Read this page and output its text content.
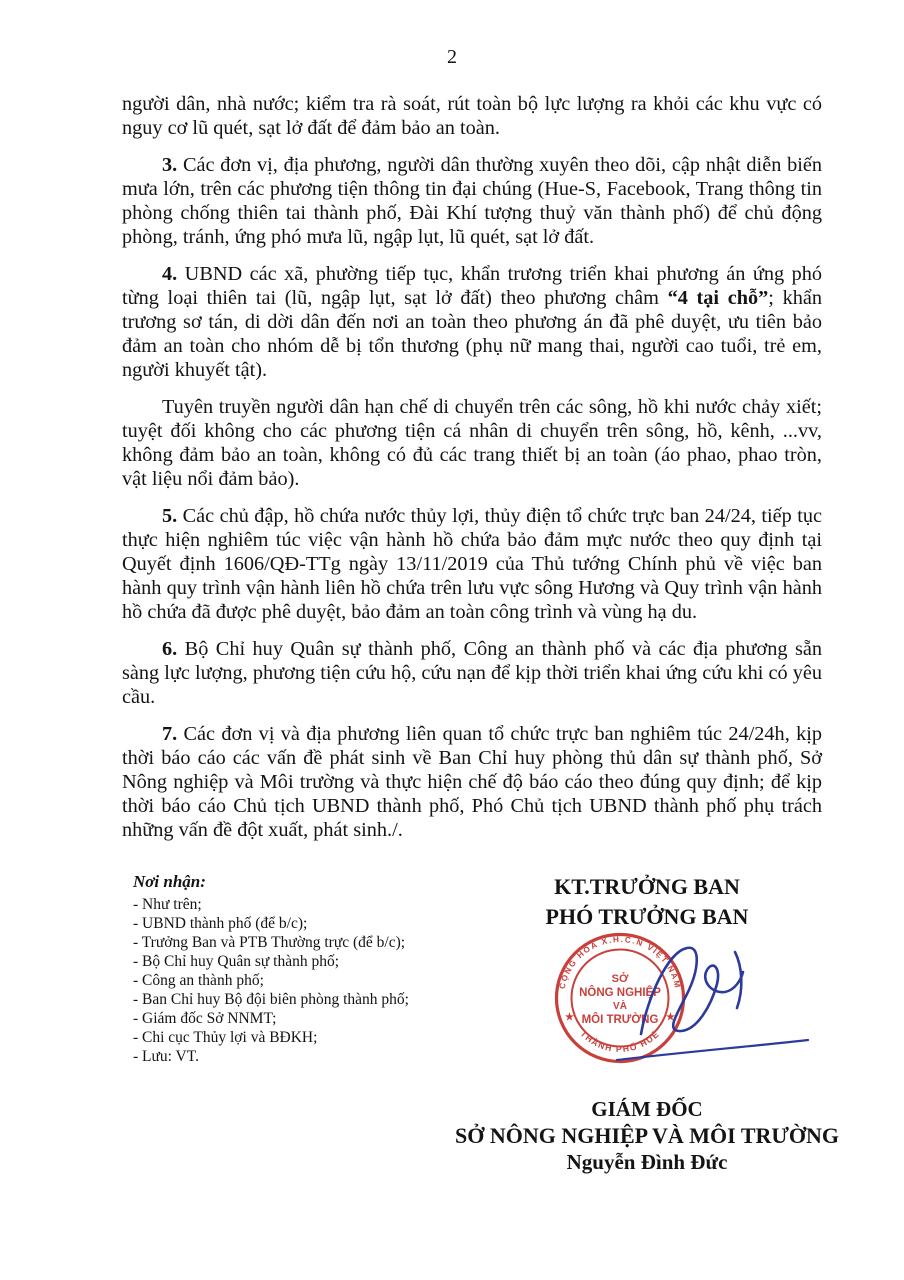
2

người dân, nhà nước; kiểm tra rà soát, rút toàn bộ lực lượng ra khỏi các khu vực có nguy cơ lũ quét, sạt lở đất để đảm bảo an toàn.

3. Các đơn vị, địa phương, người dân thường xuyên theo dõi, cập nhật diễn biến mưa lớn, trên các phương tiện thông tin đại chúng (Hue-S, Facebook, Trang thông tin phòng chống thiên tai thành phố, Đài Khí tượng thuỷ văn thành phố) để chủ động phòng, tránh, ứng phó mưa lũ, ngập lụt, lũ quét, sạt lở đất.

4. UBND các xã, phường tiếp tục, khẩn trương triển khai phương án ứng phó từng loại thiên tai (lũ, ngập lụt, sạt lở đất) theo phương châm “4 tại chỗ”; khẩn trương sơ tán, di dời dân đến nơi an toàn theo phương án đã phê duyệt, ưu tiên bảo đảm an toàn cho nhóm dễ bị tổn thương (phụ nữ mang thai, người cao tuổi, trẻ em, người khuyết tật).

Tuyên truyền người dân hạn chế di chuyển trên các sông, hồ khi nước chảy xiết; tuyệt đối không cho các phương tiện cá nhân di chuyển trên sông, hồ, kênh, ...vv, không đảm bảo an toàn, không có đủ các trang thiết bị an toàn (áo phao, phao tròn, vật liệu nổi đảm bảo).

5. Các chủ đập, hồ chứa nước thủy lợi, thủy điện tổ chức trực ban 24/24, tiếp tục thực hiện nghiêm túc việc vận hành hồ chứa bảo đảm mực nước theo quy định tại Quyết định 1606/QĐ-TTg ngày 13/11/2019 của Thủ tướng Chính phủ về việc ban hành quy trình vận hành liên hồ chứa trên lưu vực sông Hương và Quy trình vận hành hồ chứa đã được phê duyệt, bảo đảm an toàn công trình và vùng hạ du.

6. Bộ Chỉ huy Quân sự thành phố, Công an thành phố và các địa phương sẵn sàng lực lượng, phương tiện cứu hộ, cứu nạn để kịp thời triển khai ứng cứu khi có yêu cầu.

7. Các đơn vị và địa phương liên quan tổ chức trực ban nghiêm túc 24/24h, kịp thời báo cáo các vấn đề phát sinh về Ban Chỉ huy phòng thủ dân sự thành phố, Sở Nông nghiệp và Môi trường và thực hiện chế độ báo cáo theo đúng quy định; để kịp thời báo cáo Chủ tịch UBND thành phố, Phó Chủ tịch UBND thành phố phụ trách những vấn đề đột xuất, phát sinh./.

Nơi nhận:
- Như trên;
- UBND thành phố (để b/c);
- Trưởng Ban và PTB Thường trực (để b/c);
- Bộ Chỉ huy Quân sự thành phố;
- Công an thành phố;
- Ban Chỉ huy Bộ đội biên phòng thành phố;
- Giám đốc Sở NNMT;
- Chi cục Thủy lợi và BĐKH;
- Lưu: VT.
KT.TRƯỞNG BAN
PHÓ TRƯỞNG BAN
CỘNG HÒA X.H.C.N VIỆT NAM
THÀNH PHỐ HUẾ
★	★
SỞ
NÔNG NGHIỆP
VÀ
MÔI TRƯỜNG
GIÁM ĐỐC
SỞ NÔNG NGHIỆP VÀ MÔI TRƯỜNG
Nguyễn Đình Đức
